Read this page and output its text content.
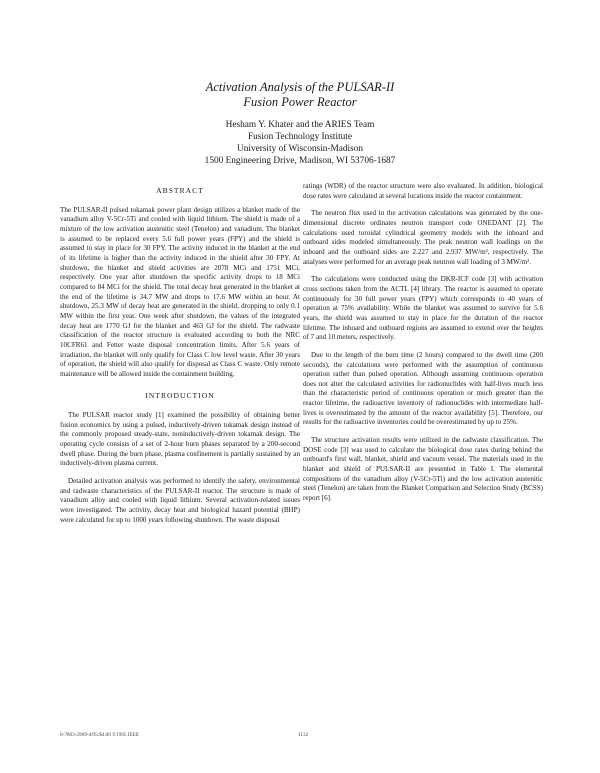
Activation Analysis of the PULSAR-II
Fusion Power Reactor
Hesham Y. Khater and the ARIES Team
Fusion Technology Institute
University of Wisconsin-Madison
1500 Engineering Drive, Madison, WI 53706-1687
ABSTRACT

The PULSAR-II pulsed tokamak power plant design utilizes a blanket made of the vanadium alloy V-5Cr-5Ti and cooled with liquid lithium. The shield is made of a mixture of the low activation austenitic steel (Tenelon) and vanadium. The blanket is assumed to be replaced every 5.6 full power years (FPY) and the shield is assumed to stay in place for 30 FPY. The activity induced in the blanket at the end of its lifetime is higher than the activity induced in the shield after 30 FPY. At shutdown, the blanket and shield activities are 2078 MCi and 1751 MCi, respectively. One year after shutdown the specific activity drops to 18 MCi compared to 84 MCi for the shield. The total decay heat generated in the blanket at the end of the lifetime is 34.7 MW and drops to 17.6 MW within an hour. At shutdown, 25.3 MW of decay heat are generated in the shield, dropping to only 0.1 MW within the first year. One week after shutdown, the values of the integrated decay heat are 1770 GJ for the blanket and 463 GJ for the shield. The radwaste classification of the reactor structure is evaluated according to both the NRC 10CFR61 and Fetter waste disposal concentration limits. After 5.6 years of irradiation, the blanket will only qualify for Class C low level waste. After 30 years of operation, the shield will also qualify for disposal as Class C waste. Only remote maintenance will be allowed inside the containment building.

INTRODUCTION

The PULSAR reactor study [1] examined the possibility of obtaining better fusion economics by using a pulsed, inductively-driven tokamak design instead of the commonly proposed steady-state, noninductively-driven tokamak design. The operating cycle consists of a set of 2-hour burn phases separated by a 200-second dwell phase. During the burn phase, plasma confinement is partially sustained by an inductively-driven plasma current.

Detailed activation analysis was performed to identify the safety, environmental and radwaste characteristics of the PULSAR-II reactor. The structure is made of vanadium alloy and cooled with liquid lithium. Several activation-related issues were investigated. The activity, decay heat and biological hazard potential (BHP) were calculated for up to 1000 years following shutdown. The waste disposal

ratings (WDR) of the reactor structure were also evaluated. In addition, biological dose rates were calculated at several locations inside the reactor containment.

The neutron flux used in the activation calculations was generated by the one-dimensional discrete ordinates neutron transport code ONEDANT [2]. The calculations used toroidal cylindrical geometry models with the inboard and outboard sides modeled simultaneously. The peak neutron wall loadings on the inboard and the outboard sides are 2.227 and 2.937 MW/m², respectively. The analyses were performed for an average peak neutron wall loading of 3 MW/m².

The calculations were conducted using the DKR-ICF code [3] with activation cross sections taken from the ACTL [4] library. The reactor is assumed to operate continuously for 30 full power years (FPY) which corresponds to 40 years of operation at 75% availability. While the blanket was assumed to survive for 5.6 years, the shield was assumed to stay in place for the duration of the reactor lifetime. The inboard and outboard regions are assumed to extend over the heights of 7 and 10 meters, respectively.

Due to the length of the burn time (2 hours) compared to the dwell time (200 seconds), the calculations were performed with the assumption of continuous operation rather than pulsed operation. Although assuming continuous operation does not alter the calculated activities for radionuclides with half-lives much less than the characteristic period of continuous operation or much greater than the reactor lifetime, the radioactive inventory of radionuclides with intermediate half-lives is overestimated by the amount of the reactor availability [5]. Therefore, our results for the radioactive inventories could be overestimated by up to 25%.

The structure activation results were utilized in the radwaste classification. The DOSE code [3] was used to calculate the biological dose rates during behind the outboard's first wall, blanket, shield and vacuum vessel. The materials used in the blanket and shield of PULSAR-II are presented in Table I. The elemental compositions of the vanadium alloy (V-5Cr-5Ti) and the low activation austenitic steel (Tenelon) are taken from the Blanket Comparison and Selection Study (BCSS) report [6].

0-7803-2969-4/95/$4.00 ©1995 IEEE	1132
